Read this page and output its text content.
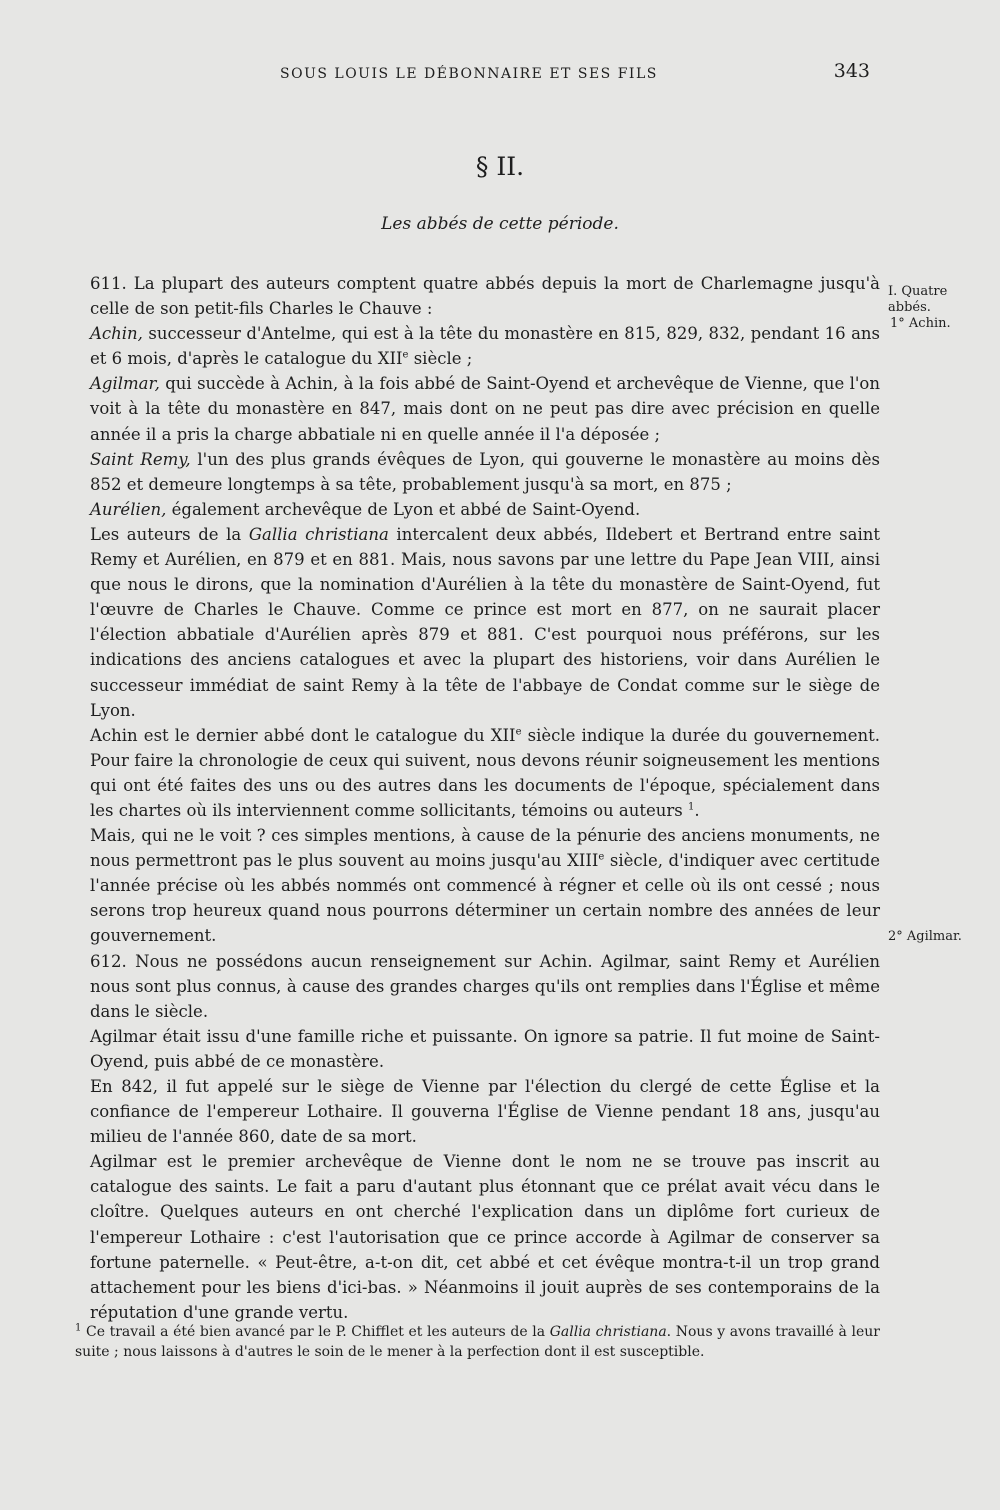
SOUS LOUIS LE DÉBONNAIRE ET SES FILS	343
§ II.
Les abbés de cette période.
I. Quatre abbés.
1° Achin.
2° Agilmar.

611. La plupart des auteurs comptent quatre abbés depuis la mort de Charlemagne jusqu'à celle de son petit-fils Charles le Chauve :

Achin, successeur d'Antelme, qui est à la tête du monastère en 815, 829, 832, pendant 16 ans et 6 mois, d'après le catalogue du XIIe siècle ;

Agilmar, qui succède à Achin, à la fois abbé de Saint-Oyend et archevêque de Vienne, que l'on voit à la tête du monastère en 847, mais dont on ne peut pas dire avec précision en quelle année il a pris la charge abbatiale ni en quelle année il l'a déposée ;

Saint Remy, l'un des plus grands évêques de Lyon, qui gouverne le monastère au moins dès 852 et demeure longtemps à sa tête, probablement jusqu'à sa mort, en 875 ;

Aurélien, également archevêque de Lyon et abbé de Saint-Oyend.

Les auteurs de la Gallia christiana intercalent deux abbés, Ildebert et Bertrand entre saint Remy et Aurélien, en 879 et en 881. Mais, nous savons par une lettre du Pape Jean VIII, ainsi que nous le dirons, que la nomination d'Aurélien à la tête du monastère de Saint-Oyend, fut l'œuvre de Charles le Chauve. Comme ce prince est mort en 877, on ne saurait placer l'élection abbatiale d'Aurélien après 879 et 881. C'est pourquoi nous préférons, sur les indications des anciens catalogues et avec la plupart des historiens, voir dans Aurélien le successeur immédiat de saint Remy à la tête de l'abbaye de Condat comme sur le siège de Lyon.

Achin est le dernier abbé dont le catalogue du XIIe siècle indique la durée du gouvernement. Pour faire la chronologie de ceux qui suivent, nous devons réunir soigneusement les mentions qui ont été faites des uns ou des autres dans les documents de l'époque, spécialement dans les chartes où ils interviennent comme sollicitants, témoins ou auteurs $^1$.

Mais, qui ne le voit ? ces simples mentions, à cause de la pénurie des anciens monuments, ne nous permettront pas le plus souvent au moins jusqu'au XIIIe siècle, d'indiquer avec certitude l'année précise où les abbés nommés ont commencé à régner et celle où ils ont cessé ; nous serons trop heureux quand nous pourrons déterminer un certain nombre des années de leur gouvernement.

612. Nous ne possédons aucun renseignement sur Achin. Agilmar, saint Remy et Aurélien nous sont plus connus, à cause des grandes charges qu'ils ont remplies dans l'Église et même dans le siècle.

Agilmar était issu d'une famille riche et puissante. On ignore sa patrie. Il fut moine de Saint-Oyend, puis abbé de ce monastère.

En 842, il fut appelé sur le siège de Vienne par l'élection du clergé de cette Église et la confiance de l'empereur Lothaire. Il gouverna l'Église de Vienne pendant 18 ans, jusqu'au milieu de l'année 860, date de sa mort.

Agilmar est le premier archevêque de Vienne dont le nom ne se trouve pas inscrit au catalogue des saints. Le fait a paru d'autant plus étonnant que ce prélat avait vécu dans le cloître. Quelques auteurs en ont cherché l'explication dans un diplôme fort curieux de l'empereur Lothaire : c'est l'autorisation que ce prince accorde à Agilmar de conserver sa fortune paternelle. « Peut-être, a-t-on dit, cet abbé et cet évêque montra-t-il un trop grand attachement pour les biens d'ici-bas. » Néanmoins il jouit auprès de ses contemporains de la réputation d'une grande vertu.

$^1$ Ce travail a été bien avancé par le P. Chifflet et les auteurs de la Gallia christiana. Nous y avons travaillé à leur suite ; nous laissons à d'autres le soin de le mener à la perfection dont il est susceptible.
